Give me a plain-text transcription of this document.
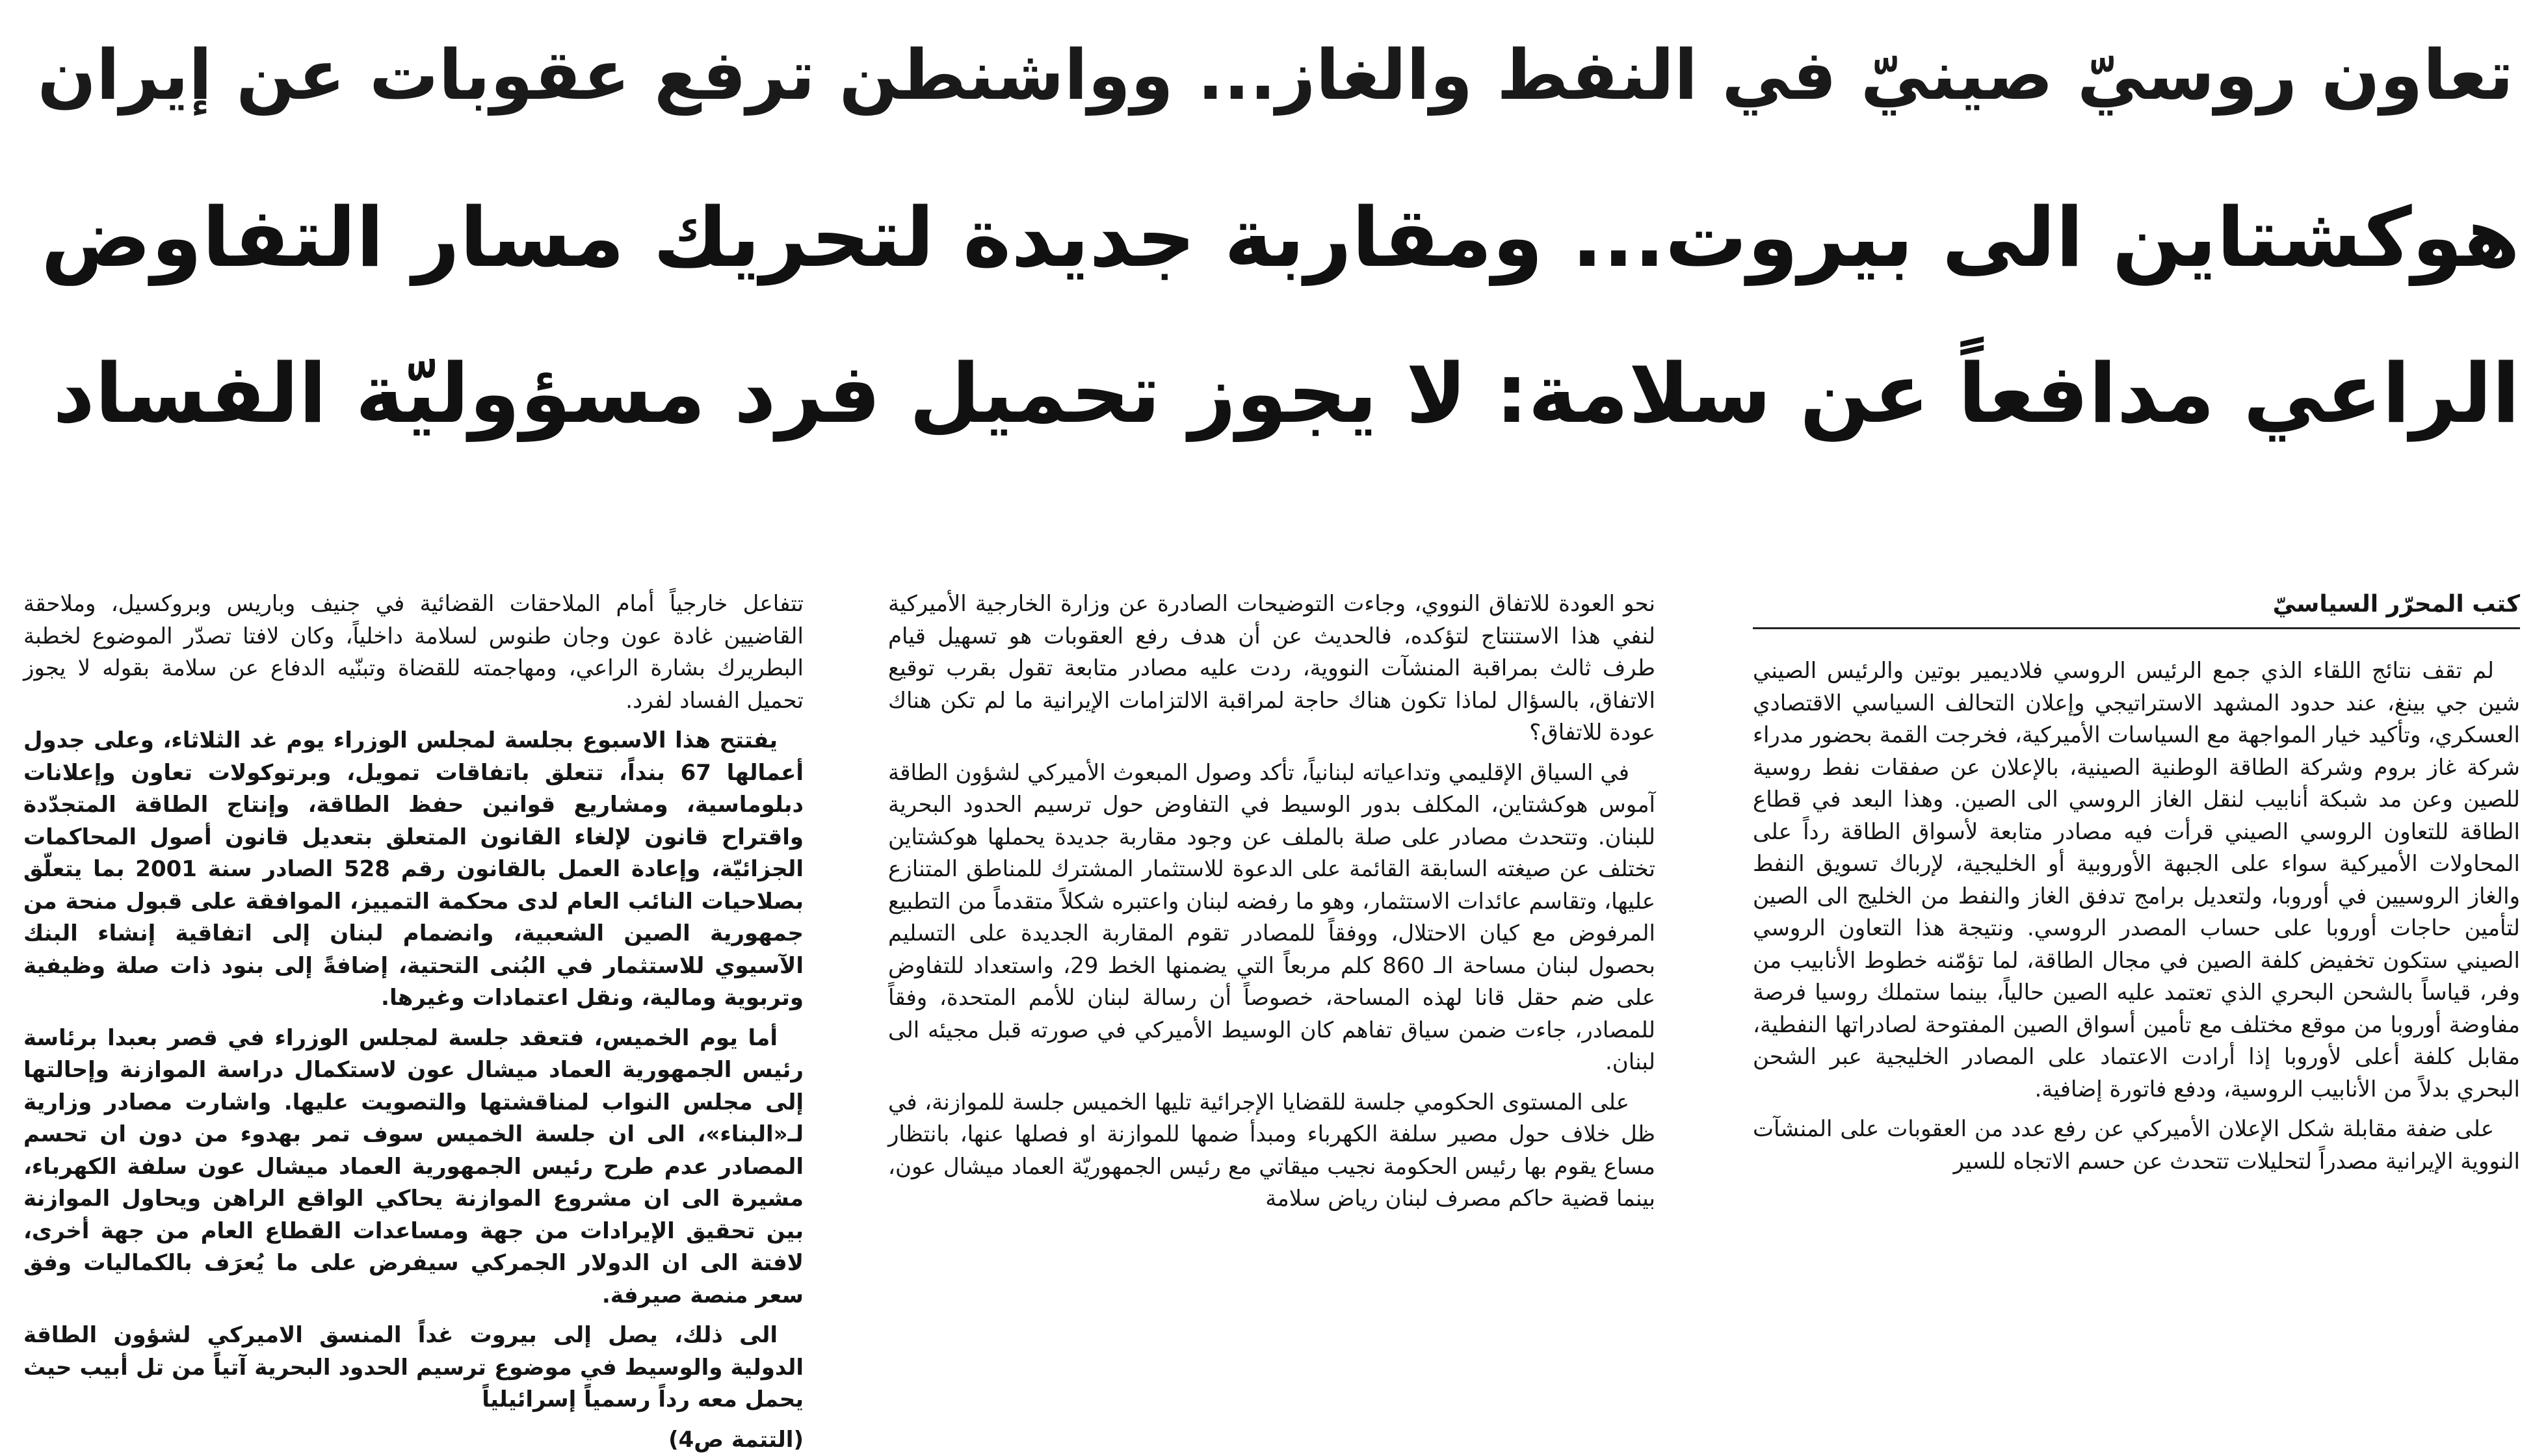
تعاون روسيّ صينيّ في النفط والغاز... وواشنطن ترفع عقوبات عن إيران
هوكشتاين الى بيروت... ومقاربة جديدة لتحريك مسار التفاوض
الراعي مدافعاً عن سلامة: لا يجوز تحميل فرد مسؤوليّة الفساد
كتب المحرّر السياسيّ

لم تقف نتائج اللقاء الذي جمع الرئيس الروسي فلاديمير بوتين والرئيس الصيني شين جي بينغ، عند حدود المشهد الاستراتيجي وإعلان التحالف السياسي الاقتصادي العسكري، وتأكيد خيار المواجهة مع السياسات الأميركية، فخرجت القمة بحضور مدراء شركة غاز بروم وشركة الطاقة الوطنية الصينية، بالإعلان عن صفقات نفط روسية للصين وعن مد شبكة أنابيب لنقل الغاز الروسي الى الصين. وهذا البعد في قطاع الطاقة للتعاون الروسي الصيني قرأت فيه مصادر متابعة لأسواق الطاقة رداً على المحاولات الأميركية سواء على الجبهة الأوروبية أو الخليجية، لإرباك تسويق النفط والغاز الروسيين في أوروبا، ولتعديل برامج تدفق الغاز والنفط من الخليج الى الصين لتأمين حاجات أوروبا على حساب المصدر الروسي. ونتيجة هذا التعاون الروسي الصيني ستكون تخفيض كلفة الصين في مجال الطاقة، لما تؤمّنه خطوط الأنابيب من وفر، قياساً بالشحن البحري الذي تعتمد عليه الصين حالياً، بينما ستملك روسيا فرصة مفاوضة أوروبا من موقع مختلف مع تأمين أسواق الصين المفتوحة لصادراتها النفطية، مقابل كلفة أعلى لأوروبا إذا أرادت الاعتماد على المصادر الخليجية عبر الشحن البحري بدلاً من الأنابيب الروسية، ودفع فاتورة إضافية.

على ضفة مقابلة شكل الإعلان الأميركي عن رفع عدد من العقوبات على المنشآت النووية الإيرانية مصدراً لتحليلات تتحدث عن حسم الاتجاه للسير

نحو العودة للاتفاق النووي، وجاءت التوضيحات الصادرة عن وزارة الخارجية الأميركية لنفي هذا الاستنتاج لتؤكده، فالحديث عن أن هدف رفع العقوبات هو تسهيل قيام طرف ثالث بمراقبة المنشآت النووية، ردت عليه مصادر متابعة تقول بقرب توقيع الاتفاق، بالسؤال لماذا تكون هناك حاجة لمراقبة الالتزامات الإيرانية ما لم تكن هناك عودة للاتفاق؟

في السياق الإقليمي وتداعياته لبنانياً، تأكد وصول المبعوث الأميركي لشؤون الطاقة آموس هوكشتاين، المكلف بدور الوسيط في التفاوض حول ترسيم الحدود البحرية للبنان. وتتحدث مصادر على صلة بالملف عن وجود مقاربة جديدة يحملها هوكشتاين تختلف عن صيغته السابقة القائمة على الدعوة للاستثمار المشترك للمناطق المتنازع عليها، وتقاسم عائدات الاستثمار، وهو ما رفضه لبنان واعتبره شكلاً متقدماً من التطبيع المرفوض مع كيان الاحتلال، ووفقاً للمصادر تقوم المقاربة الجديدة على التسليم بحصول لبنان مساحة الـ 860 كلم مربعاً التي يضمنها الخط 29، واستعداد للتفاوض على ضم حقل قانا لهذه المساحة، خصوصاً أن رسالة لبنان للأمم المتحدة، وفقاً للمصادر، جاءت ضمن سياق تفاهم كان الوسيط الأميركي في صورته قبل مجيئه الى لبنان.

على المستوى الحكومي جلسة للقضايا الإجرائية تليها الخميس جلسة للموازنة، في ظل خلاف حول مصير سلفة الكهرباء ومبدأ ضمها للموازنة او فصلها عنها، بانتظار مساع يقوم بها رئيس الحكومة نجيب ميقاتي مع رئيس الجمهوريّة العماد ميشال عون، بينما قضية حاكم مصرف لبنان رياض سلامة

تتفاعل خارجياً أمام الملاحقات القضائية في جنيف وباريس وبروكسيل، وملاحقة القاضيين غادة عون وجان طنوس لسلامة داخلياً، وكان لافتا تصدّر الموضوع لخطبة البطريرك بشارة الراعي، ومهاجمته للقضاة وتبنّيه الدفاع عن سلامة بقوله لا يجوز تحميل الفساد لفرد.

يفتتح هذا الاسبوع بجلسة لمجلس الوزراء يوم غد الثلاثاء، وعلى جدول أعمالها 67 بنداً، تتعلق باتفاقات تمويل، وبرتوكولات تعاون وإعلانات دبلوماسية، ومشاريع قوانين حفظ الطاقة، وإنتاج الطاقة المتجدّدة واقتراح قانون لإلغاء القانون المتعلق بتعديل قانون أصول المحاكمات الجزائيّة، وإعادة العمل بالقانون رقم 528 الصادر سنة 2001 بما يتعلّق بصلاحيات النائب العام لدى محكمة التمييز، الموافقة على قبول منحة من جمهورية الصين الشعبية، وانضمام لبنان إلى اتفاقية إنشاء البنك الآسيوي للاستثمار في البُنى التحتية، إضافةً إلى بنود ذات صلة وظيفية وتربوية ومالية، ونقل اعتمادات وغيرها.

أما يوم الخميس، فتعقد جلسة لمجلس الوزراء في قصر بعبدا برئاسة رئيس الجمهورية العماد ميشال عون لاستكمال دراسة الموازنة وإحالتها إلى مجلس النواب لمناقشتها والتصويت عليها. واشارت مصادر وزارية لـ«البناء»، الى ان جلسة الخميس سوف تمر بهدوء من دون ان تحسم المصادر عدم طرح رئيس الجمهورية العماد ميشال عون سلفة الكهرباء، مشيرة الى ان مشروع الموازنة يحاكي الواقع الراهن ويحاول الموازنة بين تحقيق الإيرادات من جهة ومساعدات القطاع العام من جهة أخرى، لافتة الى ان الدولار الجمركي سيفرض على ما يُعرَف بالكماليات وفق سعر منصة صيرفة.

الى ذلك، يصل إلى بيروت غداً المنسق الاميركي لشؤون الطاقة الدولية والوسيط في موضوع ترسيم الحدود البحرية آتياً من تل أبيب حيث يحمل معه رداً رسمياً إسرائيلياً

(التتمة ص4)
